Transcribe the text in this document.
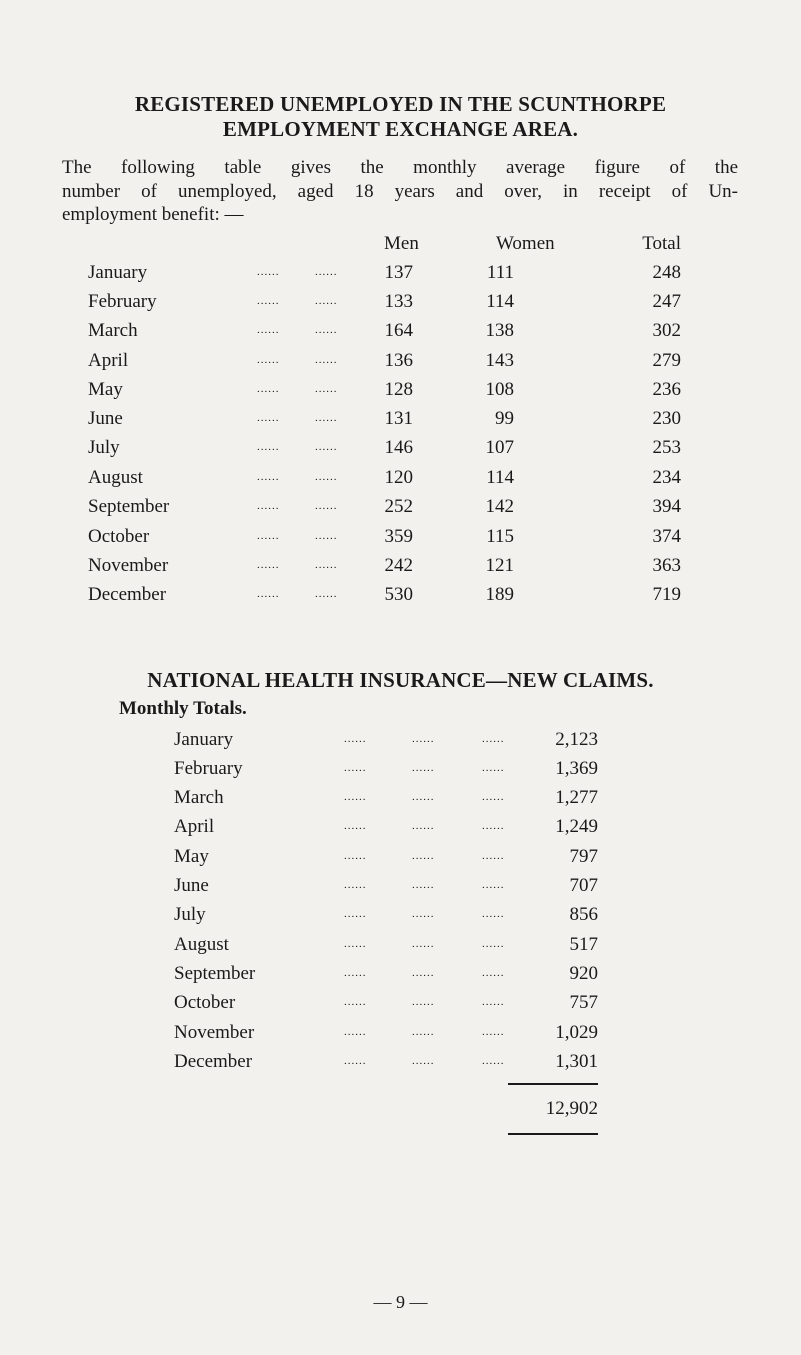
REGISTERED UNEMPLOYED IN THE SCUNTHORPE
EMPLOYMENT EXCHANGE AREA.
The following table gives the monthly average figure of the
number of unemployed, aged 18 years and over, in receipt of Un-
employment benefit: —
Men	Women	Total
January	......	...... 137	111	248
February	......	...... 133	114	247
March	......	...... 164	138	302
April	......	...... 136	143	279
May	......	...... 128	108	236
June	......	...... 131	99	230
July	......	...... 146	107	253
August	......	...... 120	114	234
September	......	...... 252	142	394
October	......	...... 359	115	374
November	......	...... 242	121	363
December	......	...... 530	189	719
NATIONAL HEALTH INSURANCE—NEW CLAIMS.
Monthly Totals.
January	......	......	......	2,123
February	......	......	......	1,369
March	......	......	......	1,277
April	......	......	......	1,249
May	......	......	......	797
June	......	......	......	707
July	......	......	......	856
August	......	......	......	517
September	......	......	......	920
October	......	......	......	757
November	......	......	......	1,029
December	......	......	......	1,301
12,902
— 9 —
